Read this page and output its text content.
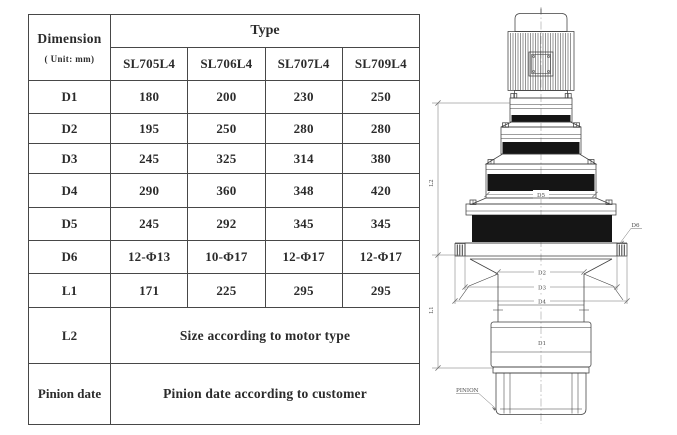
Dimension
( Unit: mm)	Type			
	SL705L4	SL706L4	SL707L4	SL709L4
D1	180	200	230	250
D2	195	250	280	280
D3	245	325	314	380
D4	290	360	348	420
D5	245	292	345	345
D6	12-Φ13	10-Φ17	12-Φ17	12-Φ17
L1	171	225	295	295
L2	Size according to motor type			
Pinion date	Pinion date according to customer			
D5
D2
D3
D4
D6
D1
PINION
L2
L1
